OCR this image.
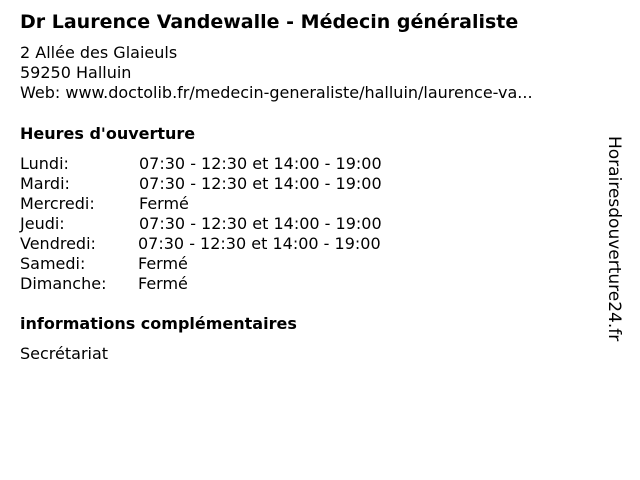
Dr Laurence Vandewalle - Médecin généraliste
2 Allée des Glaieuls
59250 Halluin
Web: www.doctolib.fr/medecin-generaliste/halluin/laurence-va...
Heures d'ouverture
Lundi:	07:30 - 12:30 et 14:00 - 19:00
Mardi:	07:30 - 12:30 et 14:00 - 19:00
Mercredi:	Fermé
Jeudi:	07:30 - 12:30 et 14:00 - 19:00
Vendredi:	07:30 - 12:30 et 14:00 - 19:00
Samedi:	Fermé
Dimanche: Fermé
informations complémentaires
Secrétariat
Horairesdouverture24.fr
